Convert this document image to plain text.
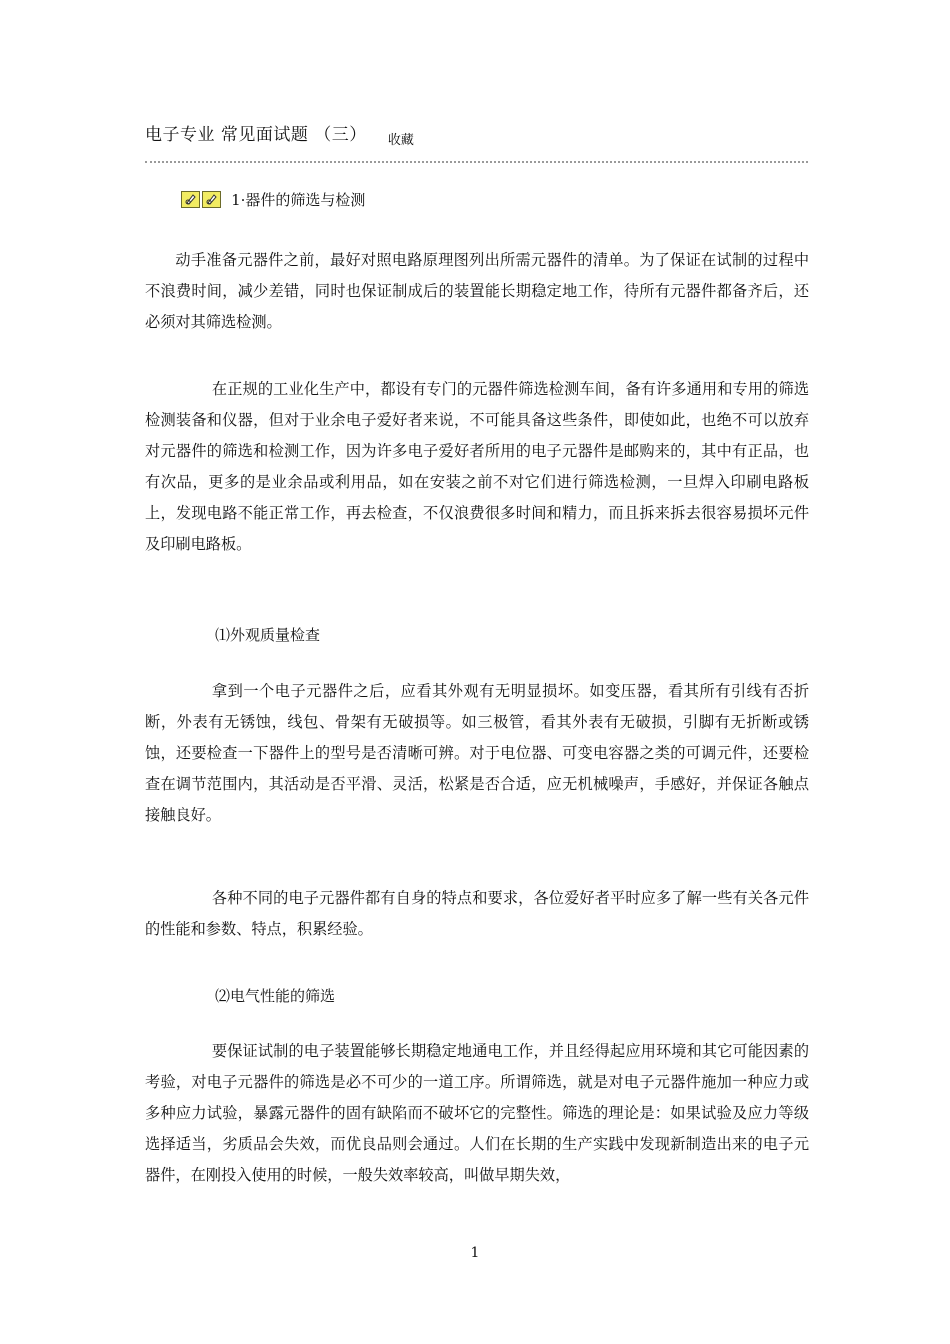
电子专业 常见面试题 （三） $_{收藏}$
1·器件的筛选与检测

动手准备元器件之前，最好对照电路原理图列出所需元器件的清单。为了保证在试制的过程中不浪费时间，减少差错，同时也保证制成后的装置能长期稳定地工作，待所有元器件都备齐后，还必须对其筛选检测。

在正规的工业化生产中，都设有专门的元器件筛选检测车间，备有许多通用和专用的筛选检测装备和仪器，但对于业余电子爱好者来说，不可能具备这些条件，即使如此，也绝不可以放弃对元器件的筛选和检测工作，因为许多电子爱好者所用的电子元器件是邮购来的，其中有正品，也有次品，更多的是业余品或利用品，如在安装之前不对它们进行筛选检测，一旦焊入印刷电路板上，发现电路不能正常工作，再去检查，不仅浪费很多时间和精力，而且拆来拆去很容易损坏元件及印刷电路板。

⑴外观质量检查

拿到一个电子元器件之后，应看其外观有无明显损坏。如变压器，看其所有引线有否折断，外表有无锈蚀，线包、骨架有无破损等。如三极管，看其外表有无破损，引脚有无折断或锈蚀，还要检查一下器件上的型号是否清晰可辨。对于电位器、可变电容器之类的可调元件，还要检查在调节范围内，其活动是否平滑、灵活，松紧是否合适，应无机械噪声，手感好，并保证各触点接触良好。

各种不同的电子元器件都有自身的特点和要求，各位爱好者平时应多了解一些有关各元件的性能和参数、特点，积累经验。

⑵电气性能的筛选

要保证试制的电子装置能够长期稳定地通电工作，并且经得起应用环境和其它可能因素的考验，对电子元器件的筛选是必不可少的一道工序。所谓筛选，就是对电子元器件施加一种应力或多种应力试验，暴露元器件的固有缺陷而不破坏它的完整性。筛选的理论是：如果试验及应力等级选择适当，劣质品会失效，而优良品则会通过。人们在长期的生产实践中发现新制造出来的电子元器件，在刚投入使用的时候，一般失效率较高，叫做早期失效，

1
